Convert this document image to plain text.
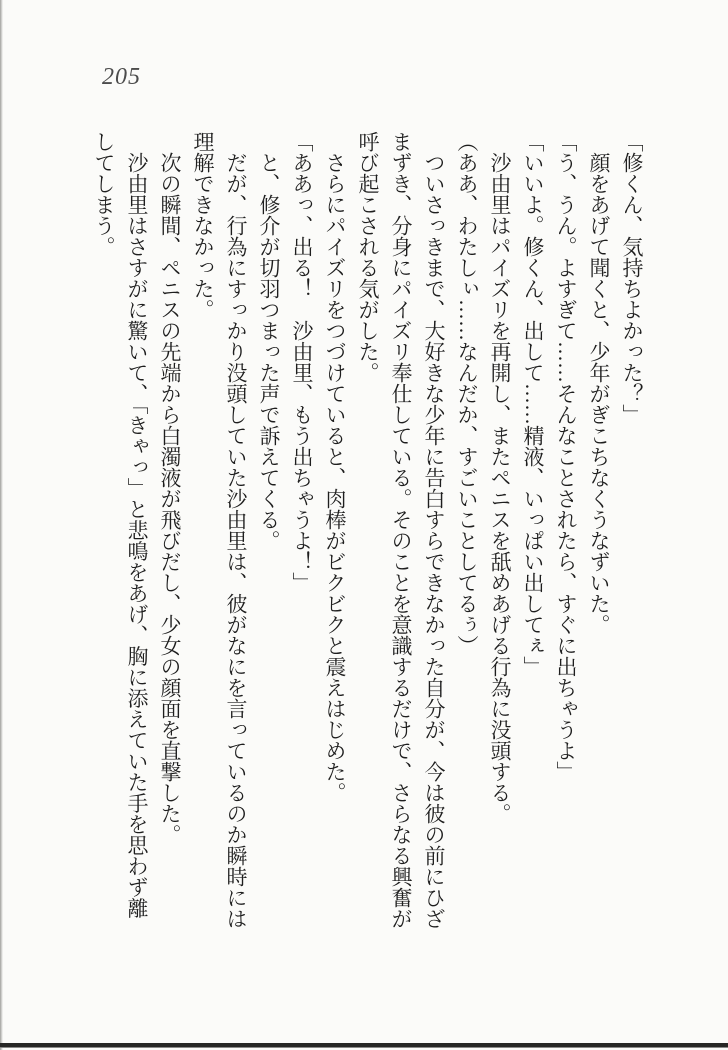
205

「修くん、気持ちよかった？」

顔をあげて聞くと、少年がぎこちなくうなずいた。

「う、うん。よすぎて……そんなことされたら、すぐに出ちゃうよ」

「いいよ。修くん、出して……精液、いっぱい出してぇ」

沙由里はパイズリを再開し、またペニスを舐めあげる行為に没頭する。

（ああ、わたしぃ……なんだか、すごいことしてるぅ）

ついさっきまで、大好きな少年に告白すらできなかった自分が、今は彼の前にひざまずき、分身にパイズリ奉仕している。そのことを意識するだけで、さらなる興奮が呼び起こされる気がした。

さらにパイズリをつづけていると、肉棒がビクビクと震えはじめた。

「ああっ、出る！　沙由里、もう出ちゃうよ！」

と、修介が切羽つまった声で訴えてくる。

だが、行為にすっかり没頭していた沙由里は、彼がなにを言っているのか瞬時には理解できなかった。

次の瞬間、ペニスの先端から白濁液が飛びだし、少女の顔面を直撃した。

沙由里はさすがに驚いて、「きゃっ」と悲鳴をあげ、胸に添えていた手を思わず離してしまう。
